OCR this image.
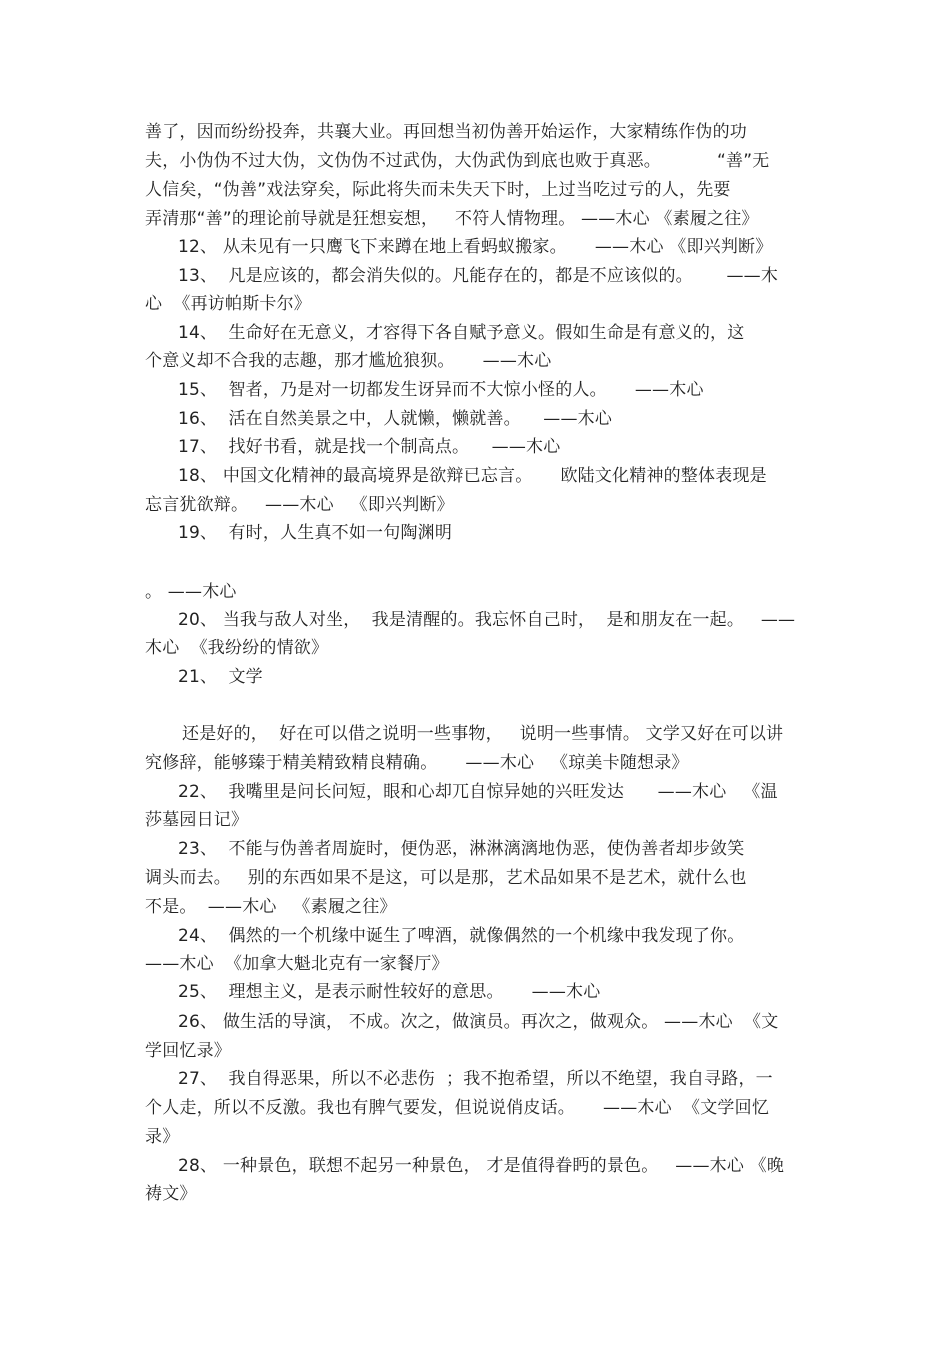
善了，因而纷纷投奔，共襄大业。再回想当初伪善开始运作，大家精练作伪的功
夫，小伪伪不过大伪，文伪伪不过武伪，大伪武伪到底也败于真恶。          “善”无
人信矣，“伪善”戏法穿矣，际此将失而未失天下时，上过当吃过亏的人，先要
弄清那“善”的理论前导就是狂想妄想，   不符人情物理。 ——木心 《素履之往》
12、 从未见有一只鹰飞下来蹲在地上看蚂蚁搬家。     ——木心 《即兴判断》
13、  凡是应该的，都会消失似的。凡能存在的，都是不应该似的。      ——木
心  《再访帕斯卡尔》
14、  生命好在无意义，才容得下各自赋予意义。假如生命是有意义的，这
个意义却不合我的志趣，那才尴尬狼狈。     ——木心
15、  智者，乃是对一切都发生讶异而不大惊小怪的人。     ——木心
16、  活在自然美景之中，人就懒，懒就善。    ——木心
17、  找好书看，就是找一个制高点。    ——木心
18、 中国文化精神的最高境界是欲辩已忘言。     欧陆文化精神的整体表现是
忘言犹欲辩。   ——木心   《即兴判断》
19、  有时，人生真不如一句陶渊明
。 ——木心
20、 当我与敌人对坐，  我是清醒的。我忘怀自己时，  是和朋友在一起。   ——
木心  《我纷纷的情欲》
21、  文学
还是好的，  好在可以借之说明一些事物，   说明一些事情。 文学又好在可以讲
究修辞，能够臻于精美精致精良精确。     ——木心   《琼美卡随想录》
22、  我嘴里是问长问短，眼和心却兀自惊异她的兴旺发达      ——木心   《温
莎墓园日记》
23、  不能与伪善者周旋时，便伪恶，淋淋漓漓地伪恶，使伪善者却步敛笑
调头而去。   别的东西如果不是这，可以是那，艺术品如果不是艺术，就什么也
不是。  ——木心   《素履之往》
24、  偶然的一个机缘中诞生了啤酒，就像偶然的一个机缘中我发现了你。
——木心  《加拿大魁北克有一家餐厅》
25、  理想主义，是表示耐性较好的意思。     ——木心
26、 做生活的导演， 不成。次之，做演员。再次之，做观众。 ——木心  《文
学回忆录》
27、  我自得恶果，所以不必悲伤  ；我不抱希望，所以不绝望，我自寻路，一
个人走，所以不反激。我也有脾气要发，但说说俏皮话。     ——木心  《文学回忆
录》
28、 一种景色，联想不起另一种景色， 才是值得眷眄的景色。   ——木心 《晚
祷文》
